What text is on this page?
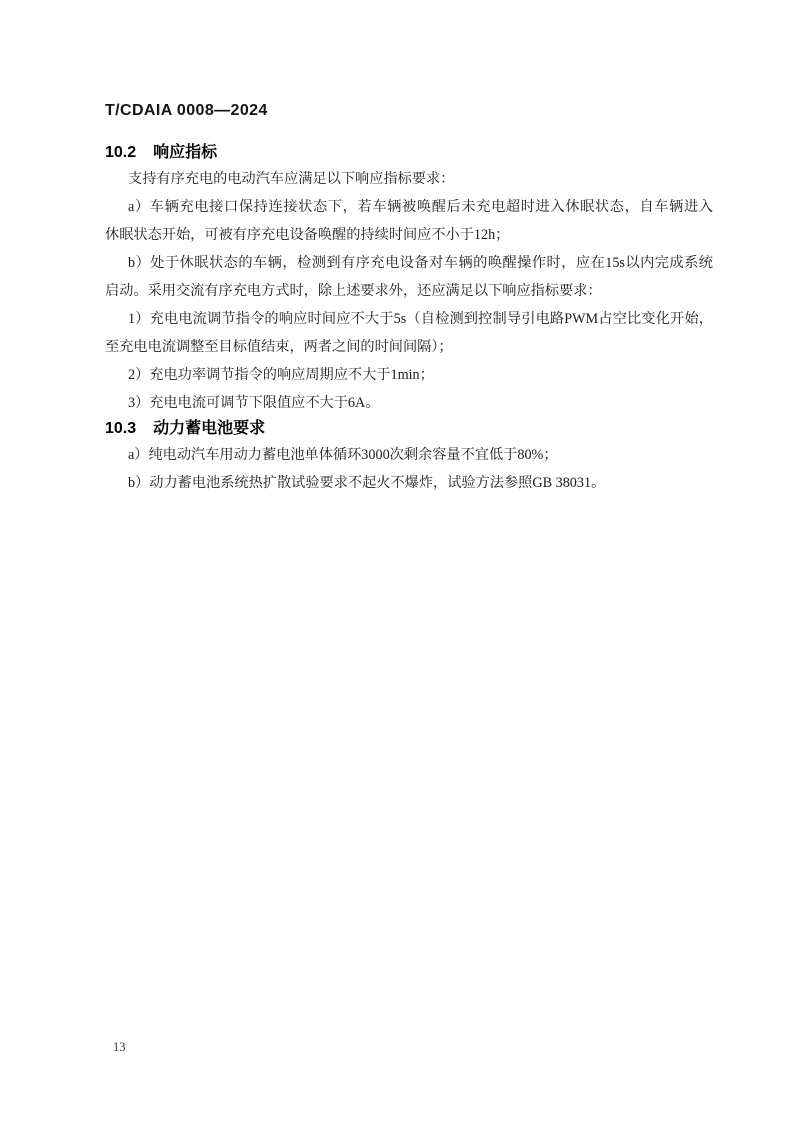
T/CDAIA 0008—2024
10.2 响应指标
支持有序充电的电动汽车应满足以下响应指标要求：
a）车辆充电接口保持连接状态下，若车辆被唤醒后未充电超时进入休眠状态，自车辆进入
休眠状态开始，可被有序充电设备唤醒的持续时间应不小于12h；
b）处于休眠状态的车辆，检测到有序充电设备对车辆的唤醒操作时，应在15s以内完成系统
启动。采用交流有序充电方式时，除上述要求外，还应满足以下响应指标要求：
1）充电电流调节指令的响应时间应不大于5s（自检测到控制导引电路PWM占空比变化开始，
至充电电流调整至目标值结束，两者之间的时间间隔）；
2）充电功率调节指令的响应周期应不大于1min；
3）充电电流可调节下限值应不大于6A。
10.3 动力蓄电池要求
a）纯电动汽车用动力蓄电池单体循环3000次剩余容量不宜低于80%；
b）动力蓄电池系统热扩散试验要求不起火不爆炸，试验方法参照GB 38031。
13
